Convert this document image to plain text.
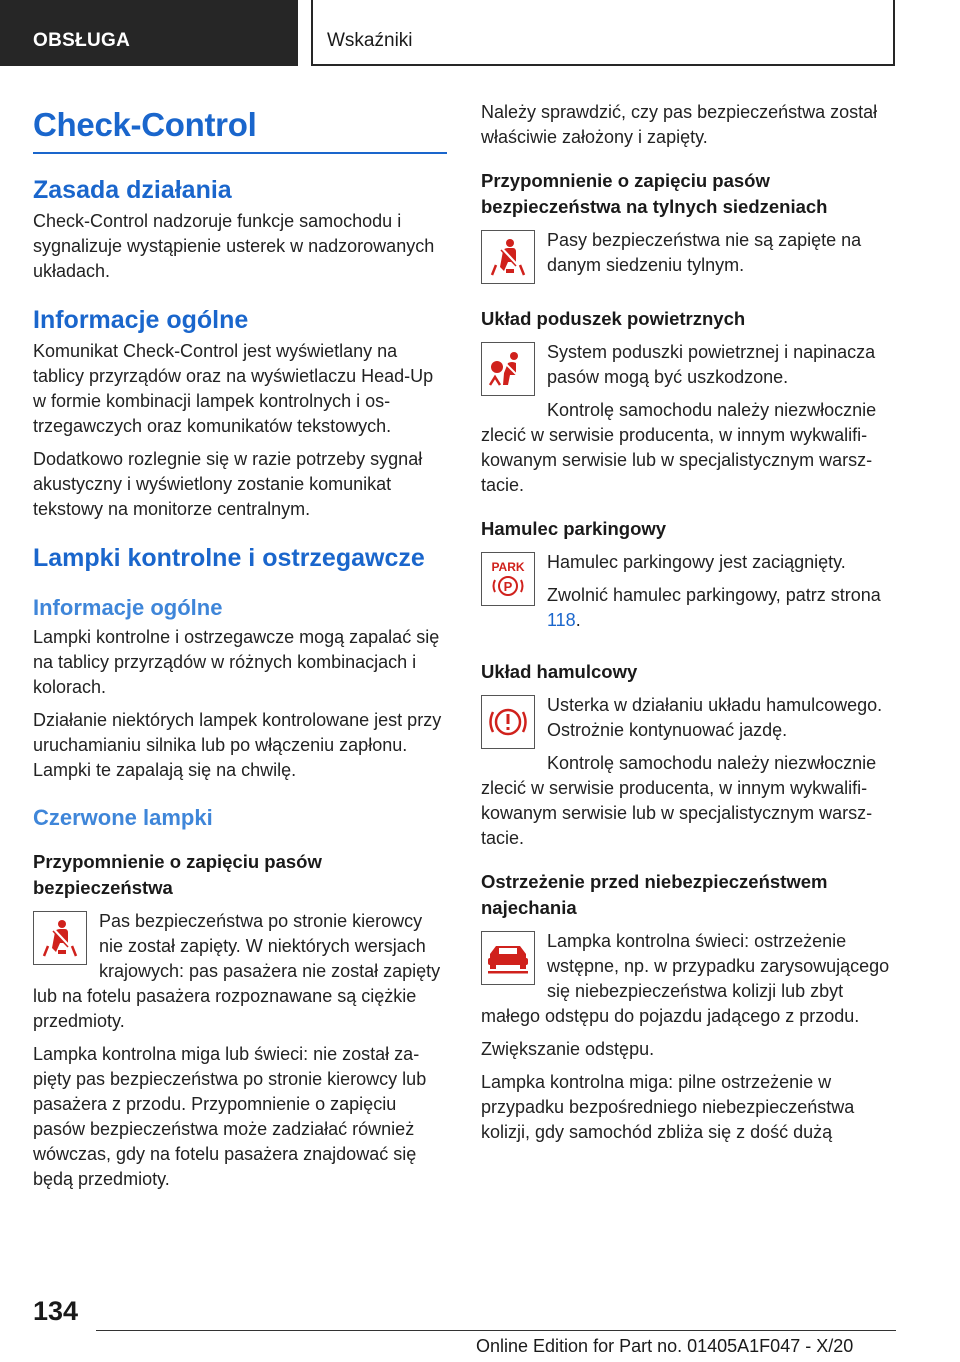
OBSŁUGA	Wskaźniki
Check-Control
Zasada działania

Check-Control nadzoruje funkcje samochodu i sygnalizuje wystąpienie usterek w nadzorowanych układach.

Informacje ogólne

Komunikat Check-Control jest wyświetlany na tablicy przyrządów oraz na wyświetlaczu Head-Up w formie kombinacji lampek kontrolnych i ostrzegawczych oraz komunikatów tekstowych.

Dodatkowo rozlegnie się w razie potrzeby sygnał akustyczny i wyświetlony zostanie komunikat tekstowy na monitorze centralnym.

Lampki kontrolne i ostrzegawcze
Informacje ogólne

Lampki kontrolne i ostrzegawcze mogą zapalać się na tablicy przyrządów w różnych kombinacjach i kolorach.

Działanie niektórych lampek kontrolowane jest przy uruchamianiu silnika lub po włączeniu zapłonu. Lampki te zapalają się na chwilę.

Czerwone lampki
Przypomnienie o zapięciu pasów bezpieczeństwa
Pas bezpieczeństwa po stronie kierowcy nie został zapięty. W niektórych wersjach krajowych: pas pasażera nie został zapięty lub na fotelu pasażera rozpoznawane są ciężkie przedmioty.

Lampka kontrolna miga lub świeci: nie został zapięty pas bezpieczeństwa po stronie kierowcy lub pasażera z przodu. Przypomnienie o zapięciu pasów bezpieczeństwa może zadziałać również wówczas, gdy na fotelu pasażera znajdować się będą przedmioty.

Należy sprawdzić, czy pas bezpieczeństwa został właściwie założony i zapięty.

Przypomnienie o zapięciu pasów bezpieczeństwa na tylnych siedzeniach
Pasy bezpieczeństwa nie są zapięte na danym siedzeniu tylnym.
Układ poduszek powietrznych
System poduszki powietrznej i napinacza pasów mogą być uszkodzone.

Kontrolę samochodu należy niezwłocznie zlecić w serwisie producenta, w innym wykwalifikowanym serwisie lub w specjalistycznym warsztacie.

Hamulec parkingowy
PARK
P
Hamulec parkingowy jest zaciągnięty.

Zwolnić hamulec parkingowy, patrz strona 118.

Układ hamulcowy
Usterka w działaniu układu hamulcowego. Ostrożnie kontynuować jazdę.

Kontrolę samochodu należy niezwłocznie zlecić w serwisie producenta, w innym wykwalifikowanym serwisie lub w specjalistycznym warsztacie.

Ostrzeżenie przed niebezpieczeństwem najechania
Lampka kontrolna świeci: ostrzeżenie wstępne, np. w przypadku zarysowującego się niebezpieczeństwa kolizji lub zbyt małego odstępu do pojazdu jadącego z przodu.

Zwiększanie odstępu.

Lampka kontrolna miga: pilne ostrzeżenie w przypadku bezpośredniego niebezpieczeństwa kolizji, gdy samochód zbliża się z dość dużą

134
Online Edition for Part no. 01405A1F047 - X/20
